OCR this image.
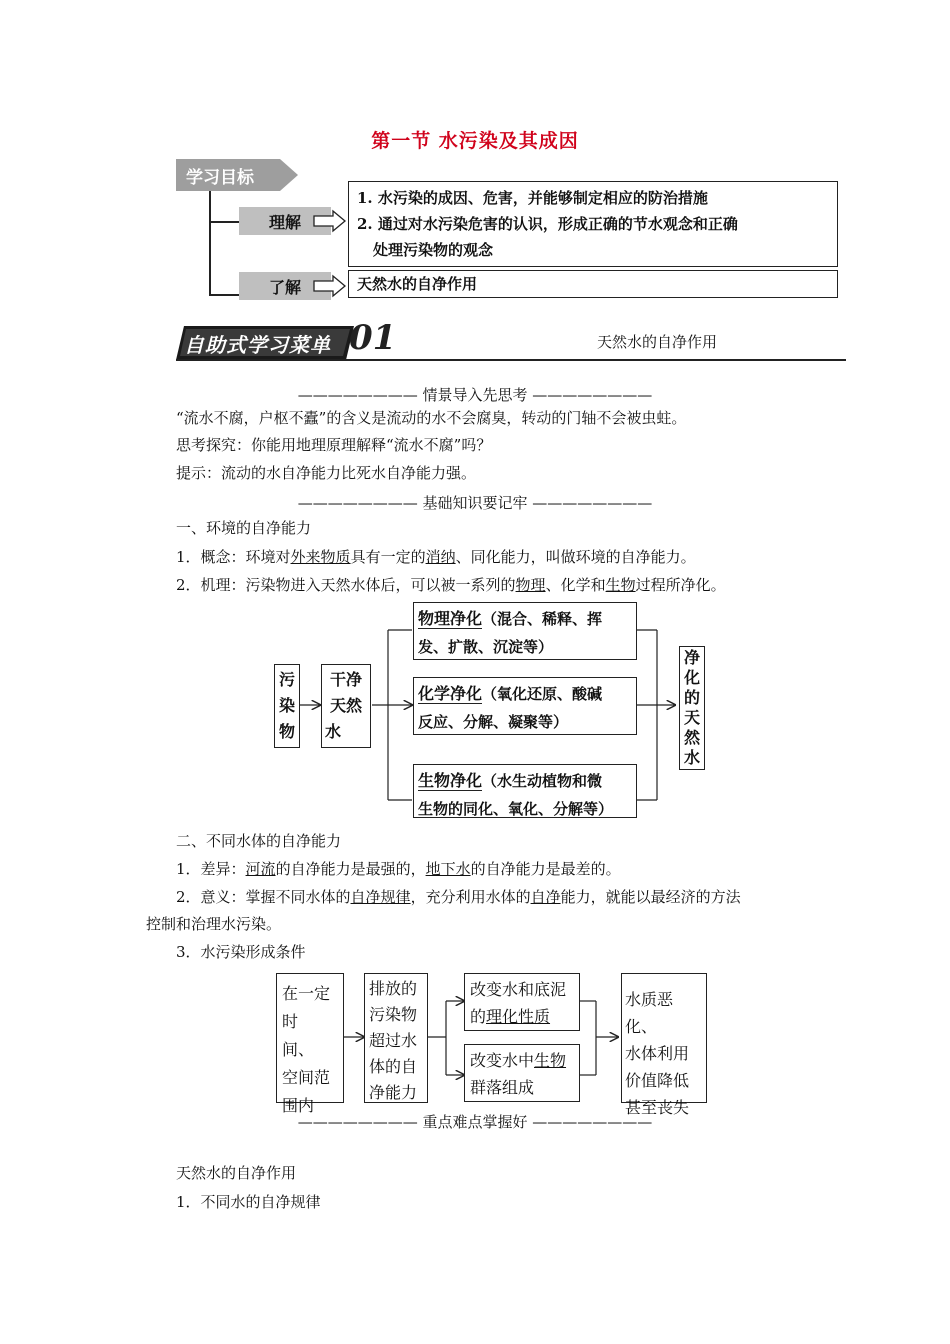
第一节 水污染及其成因
学习目标
理解
了解
1. 水污染的成因、危害，并能够制定相应的防治措施
2. 通过对水污染危害的认识，形成正确的节水观念和正确
处理污染物的观念
天然水的自净作用
自助式学习菜单 01	天然水的自净作用
———————— 情景导入先思考 ————————
“流水不腐，户枢不蠹”的含义是流动的水不会腐臭，转动的门轴不会被虫蛀。
思考探究：你能用地理原理解释“流水不腐”吗？
提示：流动的水自净能力比死水自净能力强。
———————— 基础知识要记牢 ————————
一、环境的自净能力
1．概念：环境对外来物质具有一定的消纳、同化能力，叫做环境的自净能力。
2．机理：污染物进入天然水体后，可以被一系列的物理、化学和生物过程所净化。
污
染
物
干净
天然
水
物理净化（混合、稀释、挥
发、扩散、沉淀等）
化学净化（氧化还原、酸碱
反应、分解、凝聚等）
生物净化（水生动植物和微
生物的同化、氧化、分解等）
净
化
的
天
然
水
二、不同水体的自净能力
1．差异：河流的自净能力是最强的，地下水的自净能力是最差的。
2．意义：掌握不同水体的自净规律，充分利用水体的自净能力，就能以最经济的方法
控制和治理水污染。
3．水污染形成条件
在一定
时　间、
空间范
围内
排放的
污染物
超过水
体的自
净能力
改变水和底泥
的理化性质
改变水中生物
群落组成
水质恶化、
水体利用
价值降低
甚至丧失
———————— 重点难点掌握好 ————————
天然水的自净作用
1．不同水的自净规律
